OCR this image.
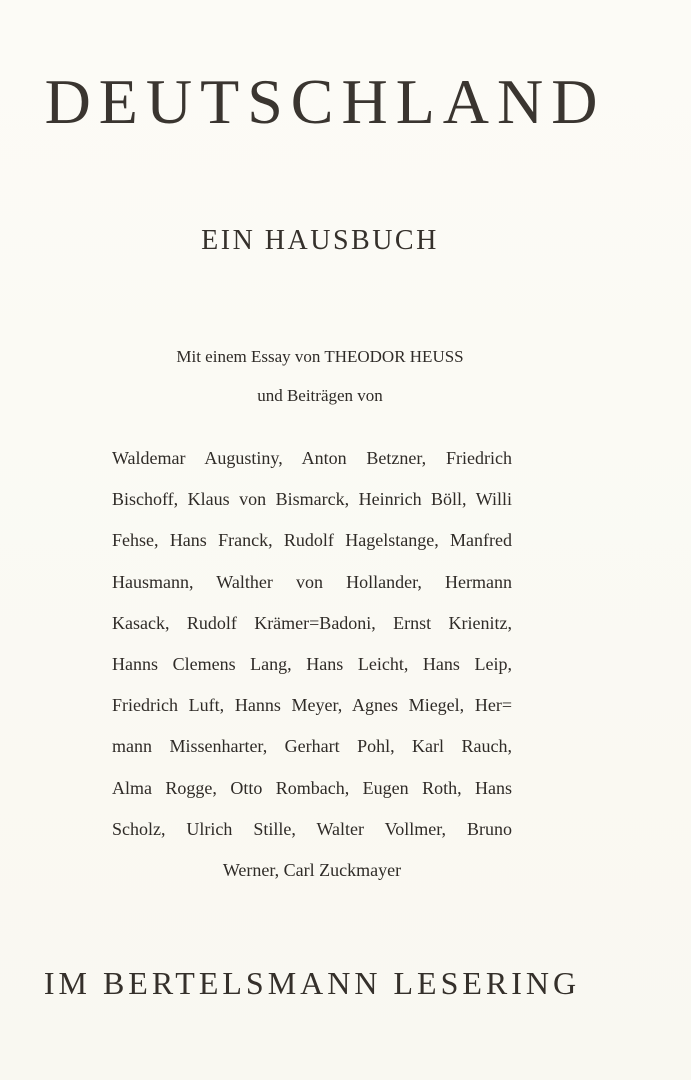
DEUTSCHLAND
EIN HAUSBUCH
Mit einem Essay von THEODOR HEUSS
und Beiträgen von
Waldemar Augustiny, Anton Betzner, Friedrich
Bischoff, Klaus von Bismarck, Heinrich Böll, Willi
Fehse, Hans Franck, Rudolf Hagelstange, Manfred
Hausmann, Walther von Hollander, Hermann
Kasack, Rudolf Krämer=Badoni, Ernst Krienitz,
Hanns Clemens Lang, Hans Leicht, Hans Leip,
Friedrich Luft, Hanns Meyer, Agnes Miegel, Her=
mann Missenharter, Gerhart Pohl, Karl Rauch,
Alma Rogge, Otto Rombach, Eugen Roth, Hans
Scholz, Ulrich Stille, Walter Vollmer, Bruno
Werner, Carl Zuckmayer
IM BERTELSMANN LESERING
